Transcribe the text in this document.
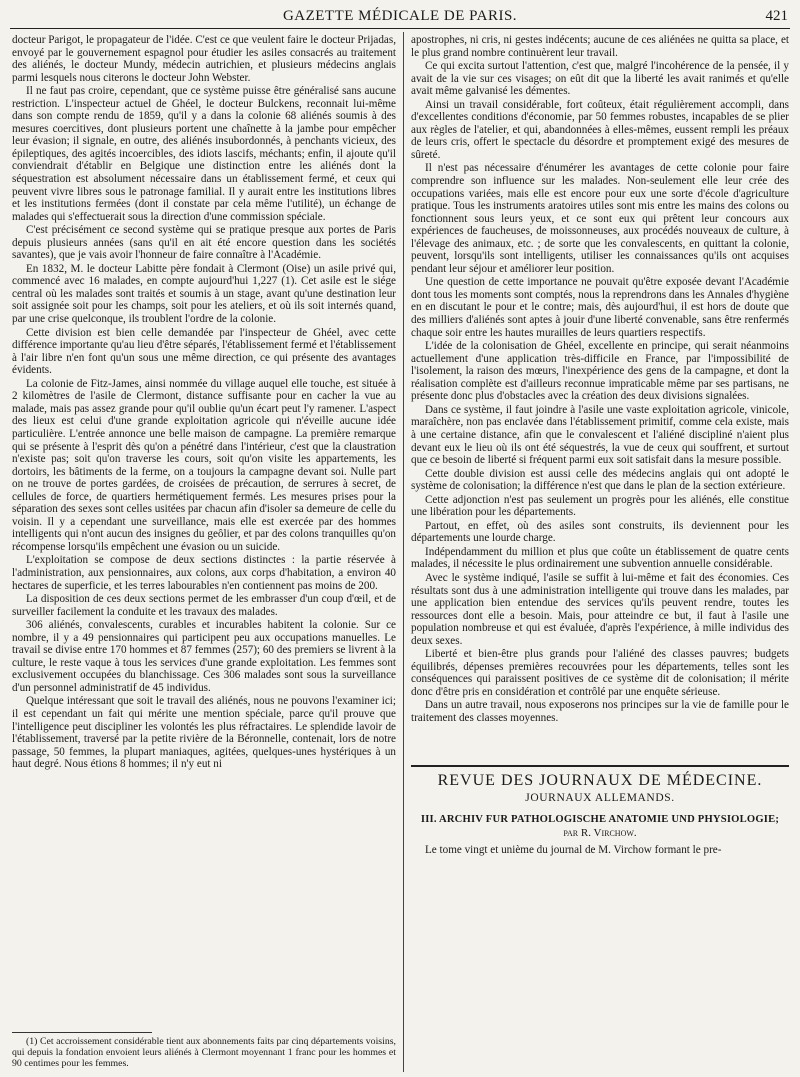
GAZETTE MÉDICALE DE PARIS.	421

docteur Parigot, le propagateur de l'idée. C'est ce que veulent faire le docteur Prijadas, envoyé par le gouvernement espagnol pour étudier les asiles consacrés au traitement des aliénés, le docteur Mundy, médecin autrichien, et plusieurs médecins anglais parmi lesquels nous citerons le docteur John Webster.

Il ne faut pas croire, cependant, que ce système puisse être généralisé sans aucune restriction. L'inspecteur actuel de Ghéel, le docteur Bulckens, reconnait lui-même dans son compte rendu de 1859, qu'il y a dans la colonie 68 aliénés soumis à des mesures coercitives, dont plusieurs portent une chaînette à la jambe pour empêcher leur évasion; il signale, en outre, des aliénés insubordonnés, à penchants vicieux, des épileptiques, des agités incoercibles, des idiots lascifs, méchants; enfin, il ajoute qu'il conviendrait d'établir en Belgique une distinction entre les aliénés dont la séquestration est absolument nécessaire dans un établissement fermé, et ceux qui peuvent vivre libres sous le patronage familial. Il y aurait entre les institutions libres et les institutions fermées (dont il constate par cela même l'utilité), un échange de malades qui s'effectuerait sous la direction d'une commission spéciale.

C'est précisément ce second système qui se pratique presque aux portes de Paris depuis plusieurs années (sans qu'il en ait été encore question dans les sociétés savantes), que je vais avoir l'honneur de faire connaître à l'Académie.

En 1832, M. le docteur Labitte père fondait à Clermont (Oise) un asile privé qui, commencé avec 16 malades, en compte aujourd'hui 1,227 (1). Cet asile est le siége central où les malades sont traités et soumis à un stage, avant qu'une destination leur soit assignée soit pour les champs, soit pour les ateliers, et où ils soit internés quand, par une crise quelconque, ils troublent l'ordre de la colonie.

Cette division est bien celle demandée par l'inspecteur de Ghéel, avec cette différence importante qu'au lieu d'être séparés, l'établissement fermé et l'établissement à l'air libre n'en font qu'un sous une même direction, ce qui présente des avantages évidents.

La colonie de Fitz-James, ainsi nommée du village auquel elle touche, est située à 2 kilomètres de l'asile de Clermont, distance suffisante pour en cacher la vue au malade, mais pas assez grande pour qu'il oublie qu'un écart peut l'y ramener. L'aspect des lieux est celui d'une grande exploitation agricole qui n'éveille aucune idée particulière. L'entrée annonce une belle maison de campagne. La première remarque qui se présente à l'esprit dès qu'on a pénétré dans l'intérieur, c'est que la claustration n'existe pas; soit qu'on traverse les cours, soit qu'on visite les appartements, les dortoirs, les bâtiments de la ferme, on a toujours la campagne devant soi. Nulle part on ne trouve de portes gardées, de croisées de précaution, de serrures à secret, de cellules de force, de quartiers hermétiquement fermés. Les mesures prises pour la séparation des sexes sont celles usitées par chacun afin d'isoler sa demeure de celle du voisin. Il y a cependant une surveillance, mais elle est exercée par des hommes intelligents qui n'ont aucun des insignes du geôlier, et par des colons tranquilles qu'on récompense lorsqu'ils empêchent une évasion ou un suicide.

L'exploitation se compose de deux sections distinctes : la partie réservée à l'administration, aux pensionnaires, aux colons, aux corps d'habitation, a environ 40 hectares de superficie, et les terres labourables n'en contiennent pas moins de 200.

La disposition de ces deux sections permet de les embrasser d'un coup d'œil, et de surveiller facilement la conduite et les travaux des malades.

306 aliénés, convalescents, curables et incurables habitent la colonie. Sur ce nombre, il y a 49 pensionnaires qui participent peu aux occupations manuelles. Le travail se divise entre 170 hommes et 87 femmes (257); 60 des premiers se livrent à la culture, le reste vaque à tous les services d'une grande exploitation. Les femmes sont exclusivement occupées du blanchissage. Ces 306 malades sont sous la surveillance d'un personnel administratif de 45 individus.

Quelque intéressant que soit le travail des aliénés, nous ne pouvons l'examiner ici; il est cependant un fait qui mérite une mention spéciale, parce qu'il prouve que l'intelligence peut discipliner les volontés les plus réfractaires. Le splendide lavoir de l'établissement, traversé par la petite rivière de la Béronnelle, contenait, lors de notre passage, 50 femmes, la plupart maniaques, agitées, quelques-unes hystériques à un haut degré. Nous étions 8 hommes; il n'y eut ni

(1) Cet accroissement considérable tient aux abonnements faits par cinq départements voisins, qui depuis la fondation envoient leurs aliénés à Clermont moyennant 1 franc pour les hommes et 90 centimes pour les femmes.

apostrophes, ni cris, ni gestes indécents; aucune de ces aliénées ne quitta sa place, et le plus grand nombre continuèrent leur travail.

Ce qui excita surtout l'attention, c'est que, malgré l'incohérence de la pensée, il y avait de la vie sur ces visages; on eût dit que la liberté les avait ranimés et qu'elle avait même galvanisé les démentes.

Ainsi un travail considérable, fort coûteux, était régulièrement accompli, dans d'excellentes conditions d'économie, par 50 femmes robustes, incapables de se plier aux règles de l'atelier, et qui, abandonnées à elles-mêmes, eussent rempli les préaux de leurs cris, offert le spectacle du désordre et promptement exigé des mesures de sûreté.

Il n'est pas nécessaire d'énumérer les avantages de cette colonie pour faire comprendre son influence sur les malades. Non-seulement elle leur crée des occupations variées, mais elle est encore pour eux une sorte d'école d'agriculture pratique. Tous les instruments aratoires utiles sont mis entre les mains des colons ou fonctionnent sous leurs yeux, et ce sont eux qui prêtent leur concours aux expériences de faucheuses, de moissonneuses, aux procédés nouveaux de culture, à l'élevage des animaux, etc. ; de sorte que les convalescents, en quittant la colonie, peuvent, lorsqu'ils sont intelligents, utiliser les connaissances qu'ils ont acquises pendant leur séjour et améliorer leur position.

Une question de cette importance ne pouvait qu'être exposée devant l'Académie dont tous les moments sont comptés, nous la reprendrons dans les Annales d'hygiène en en discutant le pour et le contre; mais, dès aujourd'hui, il est hors de doute que des milliers d'aliénés sont aptes à jouir d'une liberté convenable, sans être renfermés chaque soir entre les hautes murailles de leurs quartiers respectifs.

L'idée de la colonisation de Ghéel, excellente en principe, qui serait néanmoins actuellement d'une application très-difficile en France, par l'impossibilité de l'isolement, la raison des mœurs, l'inexpérience des gens de la campagne, et dont la réalisation complète est d'ailleurs reconnue impraticable même par ses partisans, ne présente donc plus d'obstacles avec la création des deux divisions signalées.

Dans ce système, il faut joindre à l'asile une vaste exploitation agricole, vinicole, maraîchère, non pas enclavée dans l'établissement primitif, comme cela existe, mais à une certaine distance, afin que le convalescent et l'aliéné discipliné n'aient plus devant eux le lieu où ils ont été séquestrés, la vue de ceux qui souffrent, et surtout que ce besoin de liberté si fréquent parmi eux soit satisfait dans la mesure possible.

Cette double division est aussi celle des médecins anglais qui ont adopté le système de colonisation; la différence n'est que dans le plan de la section extérieure.

Cette adjonction n'est pas seulement un progrès pour les aliénés, elle constitue une libération pour les départements.

Partout, en effet, où des asiles sont construits, ils deviennent pour les départements une lourde charge.

Indépendamment du million et plus que coûte un établissement de quatre cents malades, il nécessite le plus ordinairement une subvention annuelle considérable.

Avec le système indiqué, l'asile se suffit à lui-même et fait des économies. Ces résultats sont dus à une administration intelligente qui trouve dans les malades, par une application bien entendue des services qu'ils peuvent rendre, toutes les ressources dont elle a besoin. Mais, pour atteindre ce but, il faut à l'asile une population nombreuse et qui est évaluée, d'après l'expérience, à mille individus des deux sexes.

Liberté et bien-être plus grands pour l'aliéné des classes pauvres; budgets équilibrés, dépenses premières recouvrées pour les départements, telles sont les conséquences qui paraissent positives de ce système dit de colonisation; il mérite donc d'être pris en considération et contrôlé par une enquête sérieuse.

Dans un autre travail, nous exposerons nos principes sur la vie de famille pour le traitement des classes moyennes.

REVUE DES JOURNAUX DE MÉDECINE.
JOURNAUX ALLEMANDS.
III. ARCHIV FUR PATHOLOGISCHE ANATOMIE UND PHYSIOLOGIE;
par R. Virchow.

Le tome vingt et unième du journal de M. Virchow formant le pre-
